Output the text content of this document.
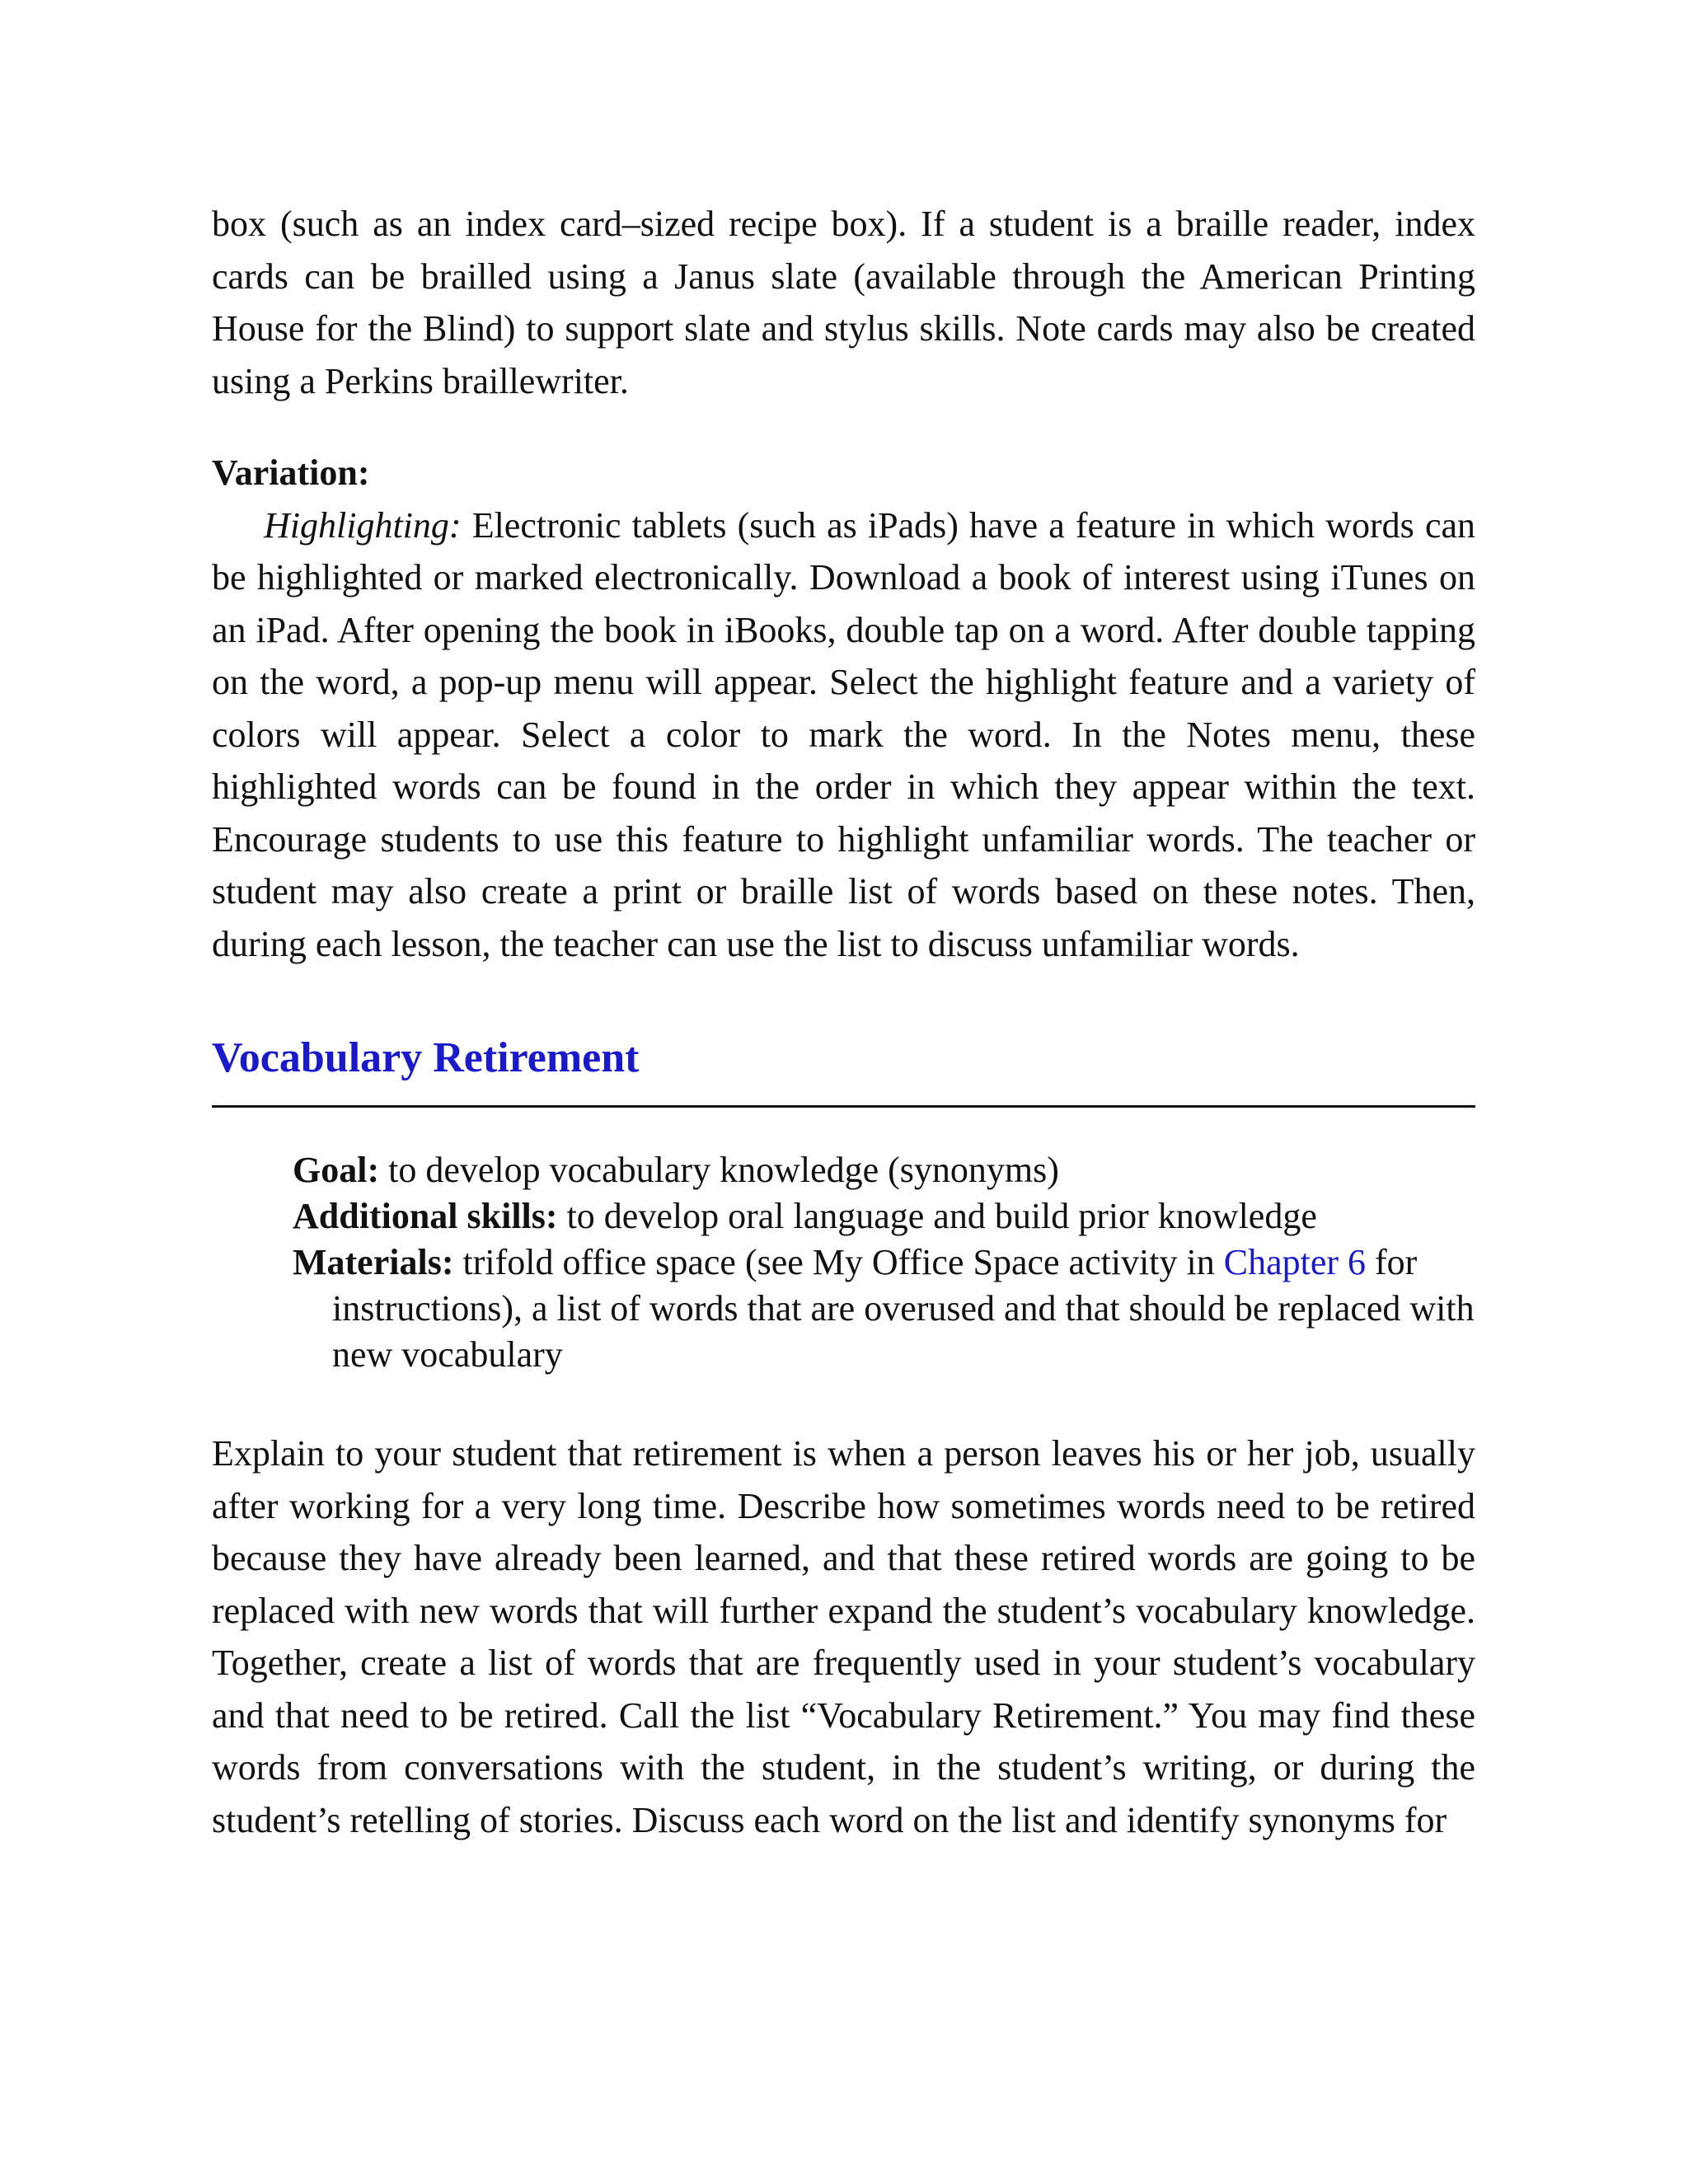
box (such as an index card–sized recipe box). If a student is a braille reader, index cards can be brailled using a Janus slate (available through the American Printing House for the Blind) to support slate and stylus skills. Note cards may also be created using a Perkins braillewriter.

Variation:

Highlighting: Electronic tablets (such as iPads) have a feature in which words can be highlighted or marked electronically. Download a book of interest using iTunes on an iPad. After opening the book in iBooks, double tap on a word. After double tapping on the word, a pop-up menu will appear. Select the highlight feature and a variety of colors will appear. Select a color to mark the word. In the Notes menu, these highlighted words can be found in the order in which they appear within the text. Encourage students to use this feature to highlight unfamiliar words. The teacher or student may also create a print or braille list of words based on these notes. Then, during each lesson, the teacher can use the list to discuss unfamiliar words.

Vocabulary Retirement
Goal: to develop vocabulary knowledge (synonyms)
Additional skills: to develop oral language and build prior knowledge
Materials: trifold office space (see My Office Space activity in Chapter 6 for instructions), a list of words that are overused and that should be replaced with new vocabulary

Explain to your student that retirement is when a person leaves his or her job, usually after working for a very long time. Describe how sometimes words need to be retired because they have already been learned, and that these retired words are going to be replaced with new words that will further expand the student’s vocabulary knowledge. Together, create a list of words that are frequently used in your student’s vocabulary and that need to be retired. Call the list “Vocabulary Retirement.” You may find these words from conversations with the student, in the student’s writing, or during the student’s retelling of stories. Discuss each word on the list and identify synonyms for
